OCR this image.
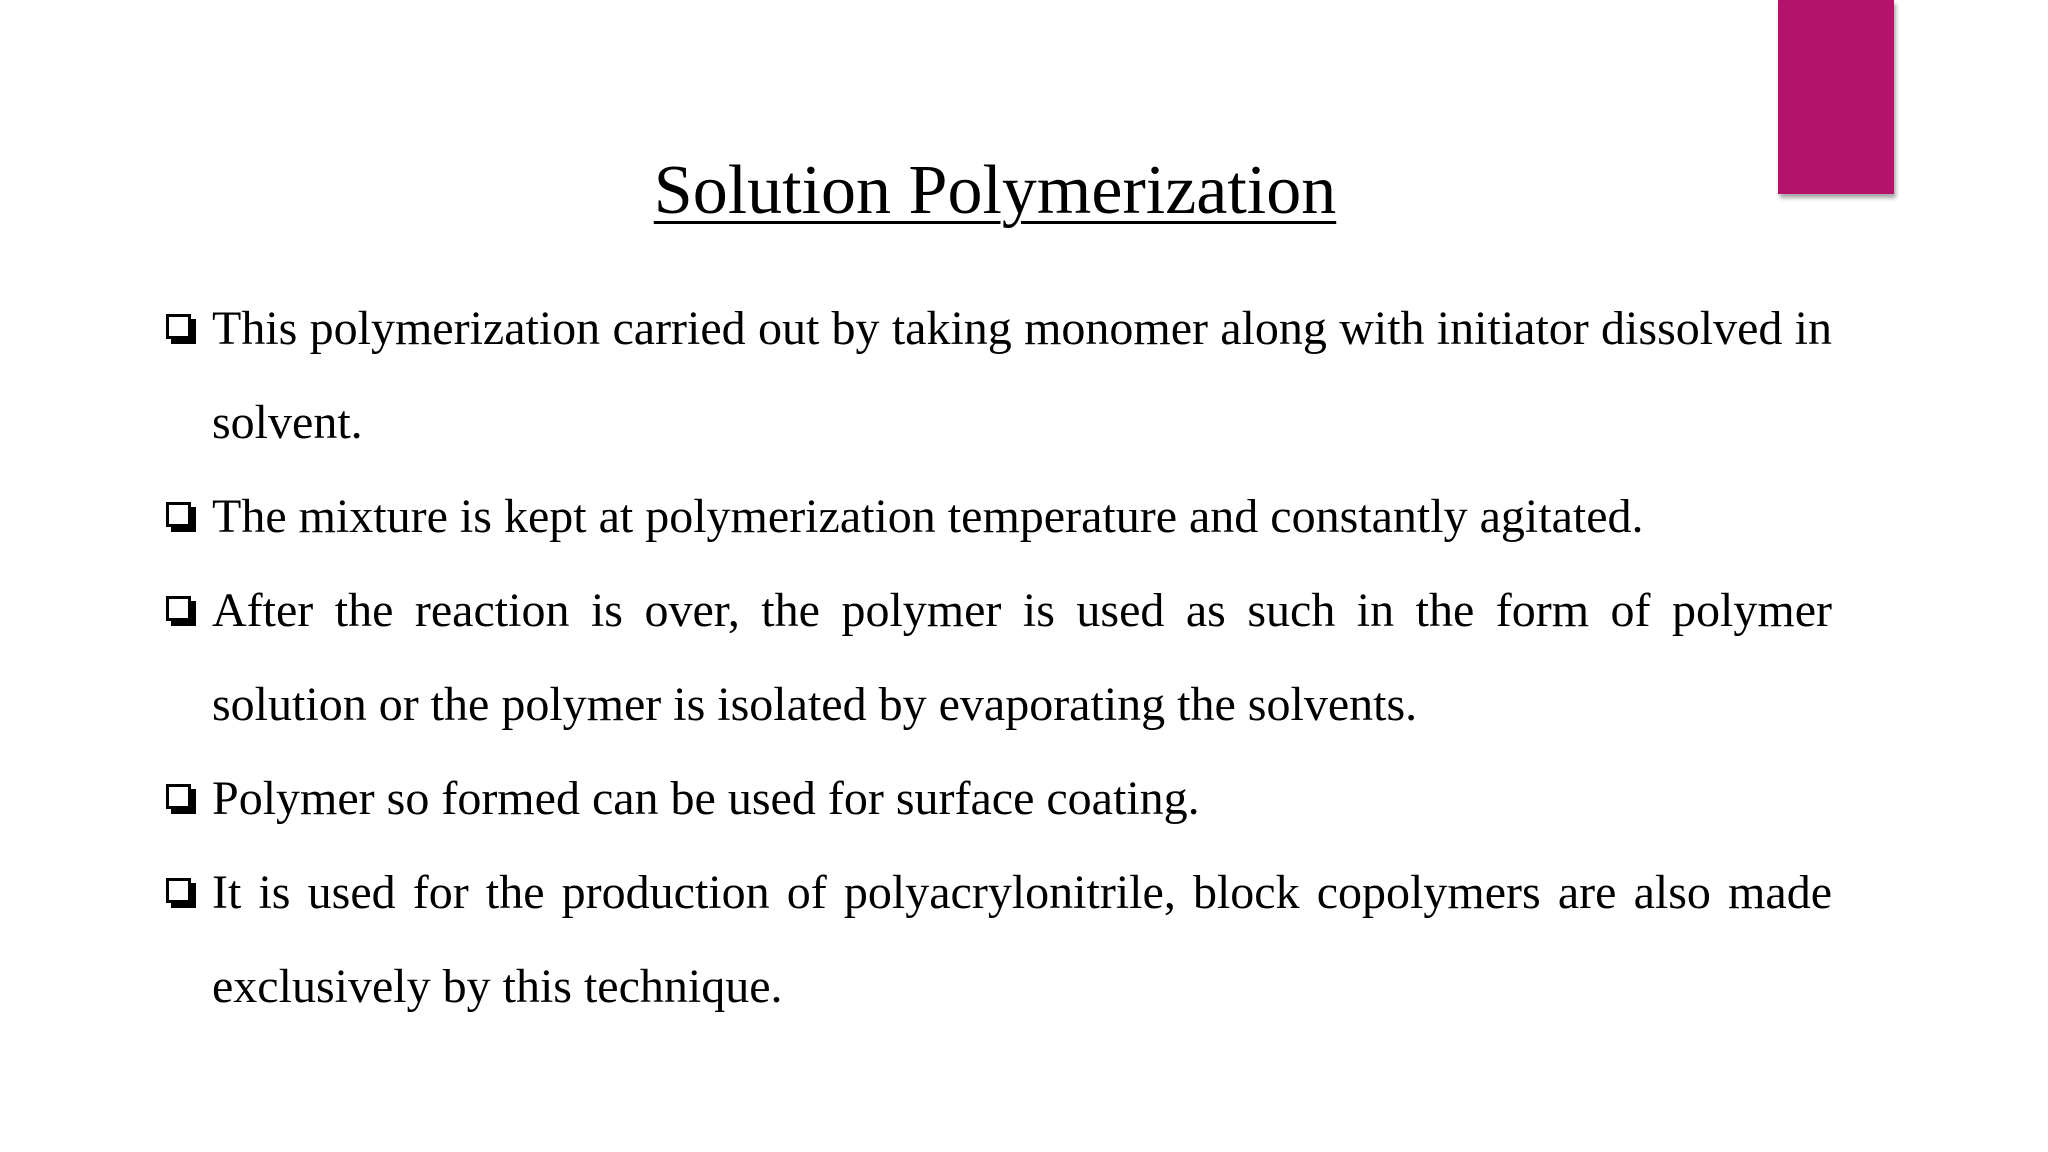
Solution Polymerization
This polymerization carried out by taking monomer along with initiator dissolved in solvent.
The mixture is kept at polymerization temperature and constantly agitated.
After the reaction is over, the polymer is used as such in the form of polymer solution or the polymer is isolated by evaporating the solvents.
Polymer so formed can be used for surface coating.
It is used for the production of polyacrylonitrile, block copolymers are also made exclusively by this technique.
